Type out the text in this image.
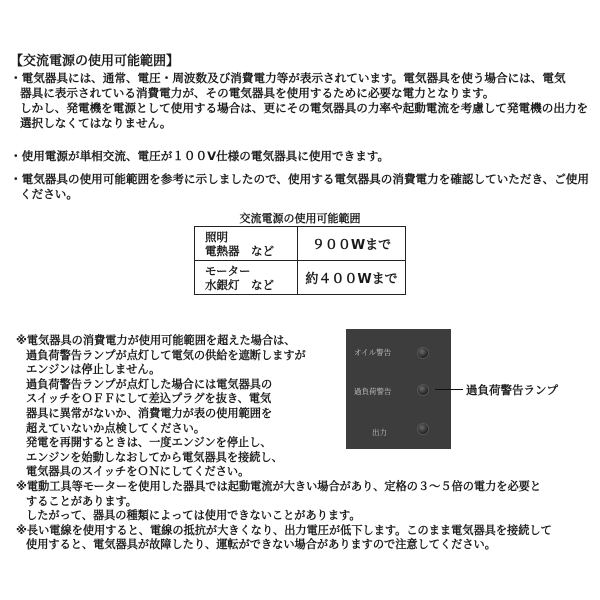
【交流電源の使用可能範囲】
・電気器具には、通常、電圧・周波数及び消費電力等が表示されています。電気器具を使う場合には、電気
器具に表示されている消費電力が、その電気器具を使用するために必要な電力となります。
しかし、発電機を電源として使用する場合は、更にその電気器具の力率や起動電流を考慮して発電機の出力を
選択しなくてはなりません。
・使用電源が単相交流、電圧が１００V仕様の電気器具に使用できます。
・電気器具の使用可能範囲を参考に示しましたので、使用する電気器具の消費電力を確認していただき、ご使用
ください。
交流電源の使用可能範囲
照明
電熱器　など	９００Wまで
モーター
水銀灯　など	約４００Wまで
※電気器具の消費電力が使用可能範囲を超えた場合は、
過負荷警告ランプが点灯して電気の供給を遮断しますが
エンジンは停止しません。
過負荷警告ランプが点灯した場合には電気器具の
スイッチをＯＦＦにして差込プラグを抜き、電気
器具に異常がないか、消費電力が表の使用範囲を
超えていないか点検してください。
発電を再開するときは、一度エンジンを停止し、
エンジンを始動しなおしてから電気器具を接続し、
電気器具のスイッチをＯＮにしてください。
※電動工具等モーターを使用した器具では起動電流が大きい場合があり、定格の３～５倍の電力を必要と
することがあります。
したがって、器具の種類によっては使用できないことがあります。
※長い電線を使用すると、電線の抵抗が大きくなり、出力電圧が低下します。このまま電気器具を接続して
使用すると、電気器具が故障したり、運転ができない場合がありますので注意してください。
オイル警告
過負荷警告
出力
過負荷警告ランプ
